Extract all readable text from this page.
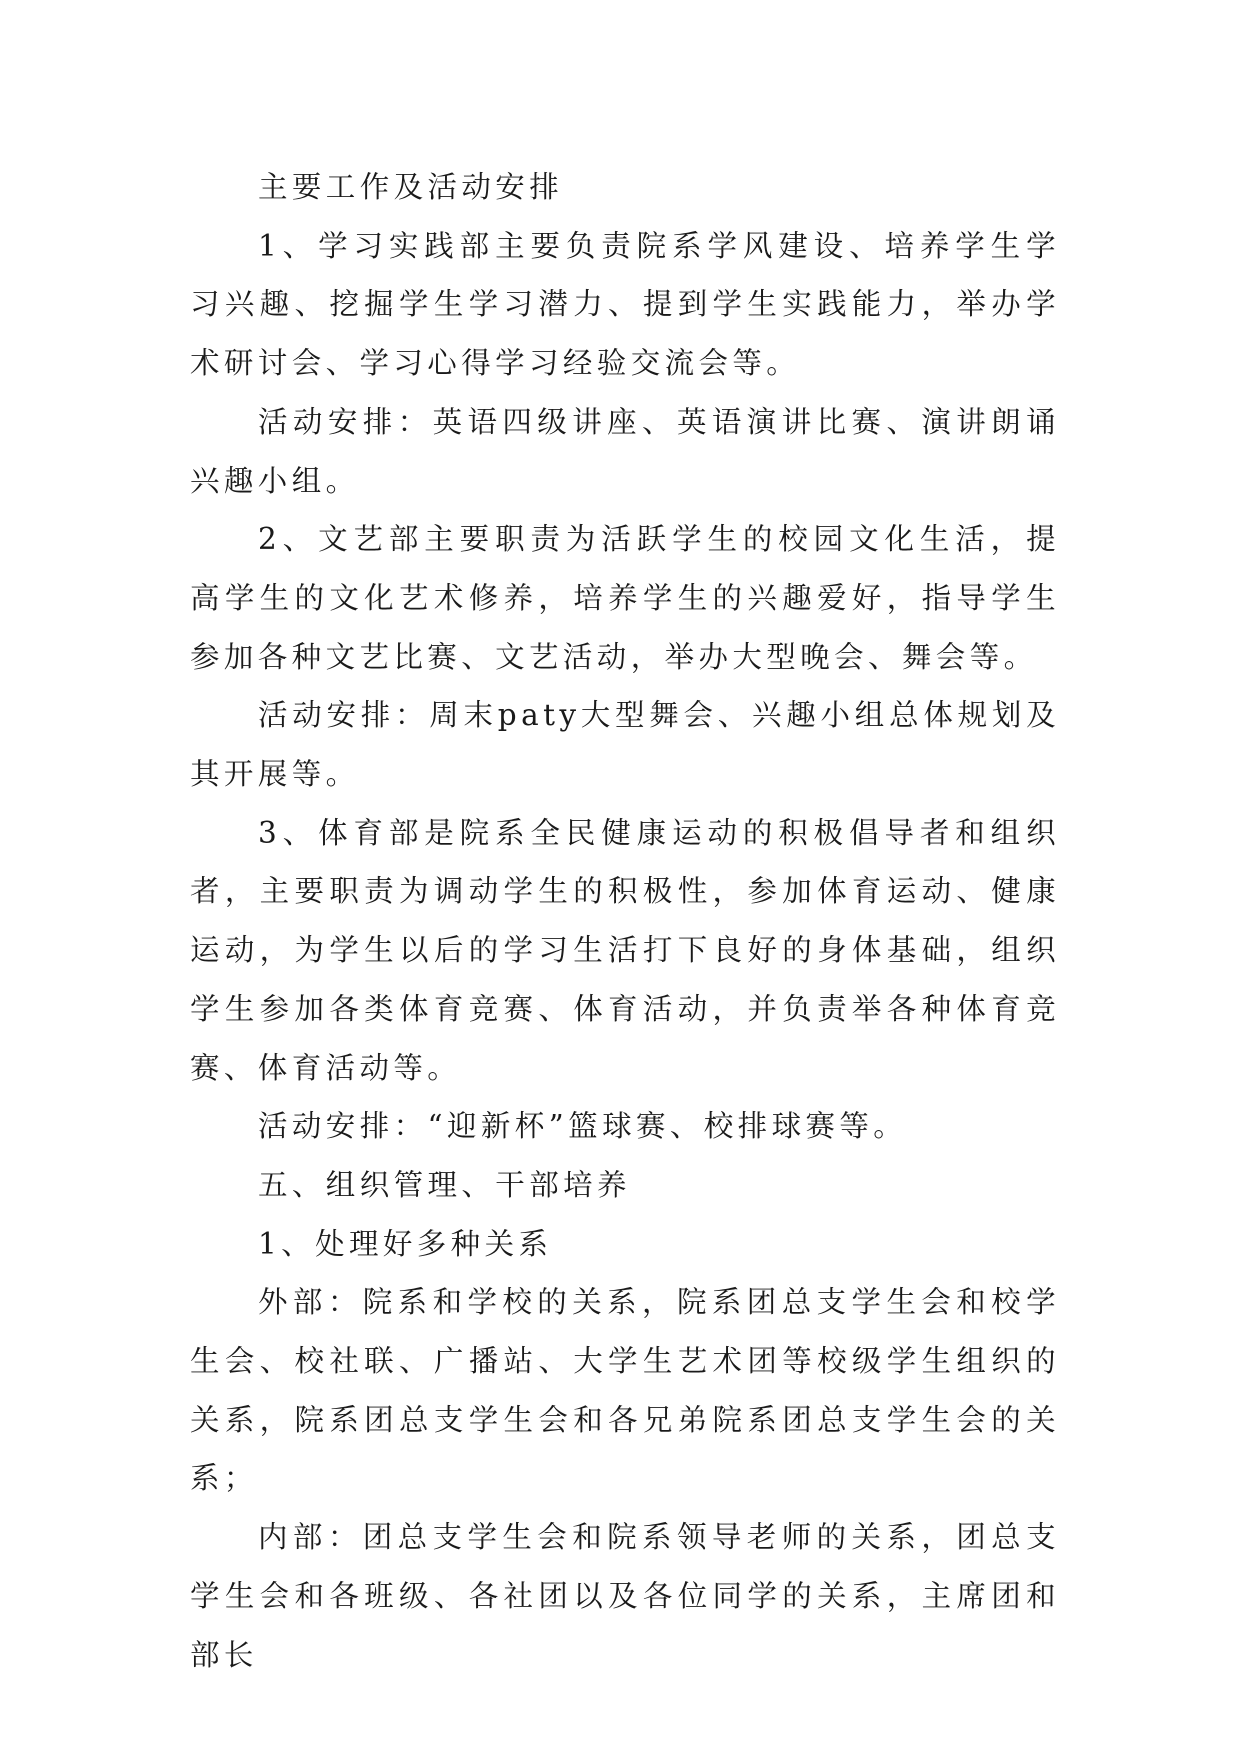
主要工作及活动安排

1、学习实践部主要负责院系学风建设、培养学生学习兴趣、挖掘学生学习潜力、提到学生实践能力，举办学术研讨会、学习心得学习经验交流会等。

活动安排：英语四级讲座、英语演讲比赛、演讲朗诵兴趣小组。

2、文艺部主要职责为活跃学生的校园文化生活，提高学生的文化艺术修养，培养学生的兴趣爱好，指导学生参加各种文艺比赛、文艺活动，举办大型晚会、舞会等。

活动安排：周末paty大型舞会、兴趣小组总体规划及其开展等。

3、体育部是院系全民健康运动的积极倡导者和组织者，主要职责为调动学生的积极性，参加体育运动、健康运动，为学生以后的学习生活打下良好的身体基础，组织学生参加各类体育竞赛、体育活动，并负责举各种体育竞赛、体育活动等。

活动安排：“迎新杯”篮球赛、校排球赛等。

五、组织管理、干部培养

1、处理好多种关系

外部：院系和学校的关系，院系团总支学生会和校学生会、校社联、广播站、大学生艺术团等校级学生组织的关系，院系团总支学生会和各兄弟院系团总支学生会的关系；

内部：团总支学生会和院系领导老师的关系，团总支学生会和各班级、各社团以及各位同学的关系，主席团和部长
